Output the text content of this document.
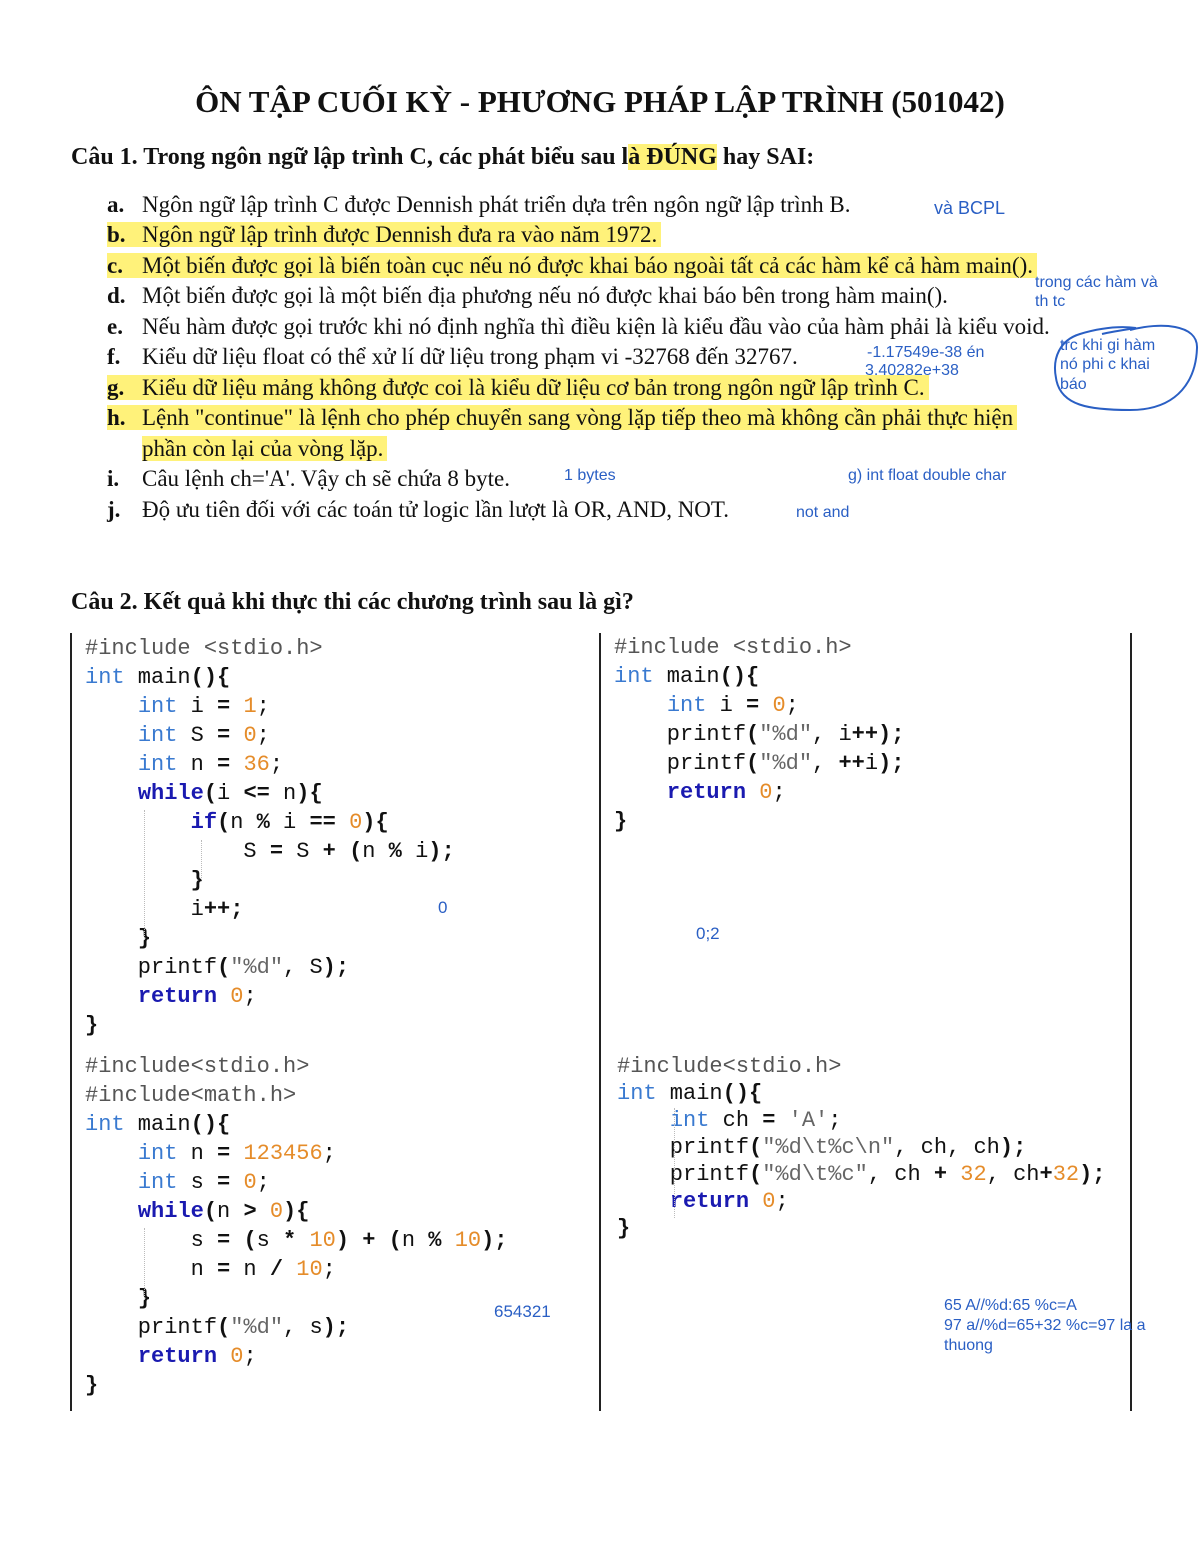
ÔN TẬP CUỐI KỲ - PHƯƠNG PHÁP LẬP TRÌNH (501042)
Câu 1. Trong ngôn ngữ lập trình C, các phát biểu sau là ĐÚNG hay SAI:
a. Ngôn ngữ lập trình C được Dennish phát triển dựa trên ngôn ngữ lập trình B.
b. Ngôn ngữ lập trình được Dennish đưa ra vào năm 1972.
c. Một biến được gọi là biến toàn cục nếu nó được khai báo ngoài tất cả các hàm kể cả hàm main().
d. Một biến được gọi là một biến địa phương nếu nó được khai báo bên trong hàm main().
e. Nếu hàm được gọi trước khi nó định nghĩa thì điều kiện là kiểu đầu vào của hàm phải là kiểu void.
f. Kiểu dữ liệu float có thể xử lí dữ liệu trong phạm vi -32768 đến 32767.
g. Kiểu dữ liệu mảng không được coi là kiểu dữ liệu cơ bản trong ngôn ngữ lập trình C.
h. Lệnh "continue" là lệnh cho phép chuyển sang vòng lặp tiếp theo mà không cần phải thực hiện
phần còn lại của vòng lặp.
i. Câu lệnh ch='A'. Vậy ch sẽ chứa 8 byte.
j. Độ ưu tiên đối với các toán tử logic lần lượt là OR, AND, NOT.
và BCPL
trong các hàm và
th tc
-1.17549e-38 én
3.40282e+38
trc khi gi hàm
nó phi c khai
báo
1 bytes	g) int float double char
not and
Câu 2. Kết quả khi thực thi các chương trình sau là gì?
#include <stdio.h>
int main(){
int i = 1;
int S = 0;
int n = 36;
while(i <= n){
if(n % i == 0){
S = S + (n % i);
}
i++;
}
printf("%d", S);
return 0;
}
#include <stdio.h>
int main(){
int i = 0;
printf("%d", i++);
printf("%d", ++i);
return 0;
}
#include<stdio.h>
#include<math.h>
int main(){
int n = 123456;
int s = 0;
while(n > 0){
s = (s * 10) + (n % 10);
n = n / 10;
}
printf("%d", s);
return 0;
}
#include<stdio.h>
int main(){
int ch = 'A';
printf("%d\t%c\n", ch, ch);
printf("%d\t%c", ch + 32, ch+32);
return 0;
}
0
0;2
654321	65 A//%d:65 %c=A
97 a//%d=65+32 %c=97 la a
thuong
